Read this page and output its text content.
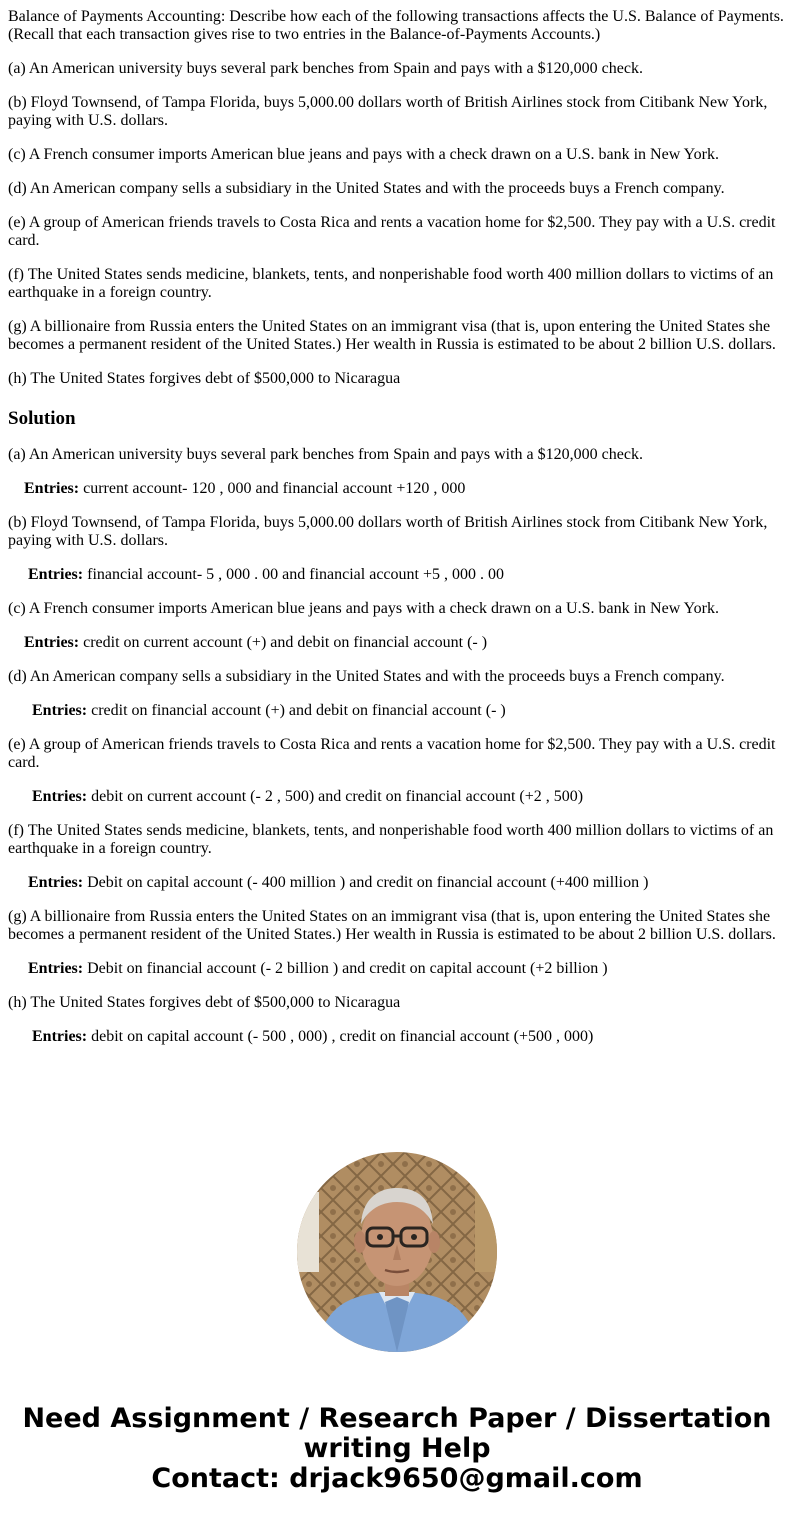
Balance of Payments Accounting: Describe how each of the following transactions affects the U.S. Balance of Payments. (Recall that each transaction gives rise to two entries in the Balance-of-Payments Accounts.)

(a) An American university buys several park benches from Spain and pays with a $120,000 check.

(b) Floyd Townsend, of Tampa Florida, buys 5,000.00 dollars worth of British Airlines stock from Citibank New York, paying with U.S. dollars.

(c) A French consumer imports American blue jeans and pays with a check drawn on a U.S. bank in New York.

(d) An American company sells a subsidiary in the United States and with the proceeds buys a French company.

(e) A group of American friends travels to Costa Rica and rents a vacation home for $2,500. They pay with a U.S. credit card.

(f) The United States sends medicine, blankets, tents, and nonperishable food worth 400 million dollars to victims of an earthquake in a foreign country.

(g) A billionaire from Russia enters the United States on an immigrant visa (that is, upon entering the United States she becomes a permanent resident of the United States.) Her wealth in Russia is estimated to be about 2 billion U.S. dollars.

(h) The United States forgives debt of $500,000 to Nicaragua

Solution

(a) An American university buys several park benches from Spain and pays with a $120,000 check.

Entries: current account- 120 , 000 and financial account +120 , 000

(b) Floyd Townsend, of Tampa Florida, buys 5,000.00 dollars worth of British Airlines stock from Citibank New York, paying with U.S. dollars.

Entries: financial account- 5 , 000 . 00 and financial account +5 , 000 . 00

(c) A French consumer imports American blue jeans and pays with a check drawn on a U.S. bank in New York.

Entries: credit on current account (+) and debit on financial account (- )

(d) An American company sells a subsidiary in the United States and with the proceeds buys a French company.

Entries: credit on financial account (+) and debit on financial account (- )

(e) A group of American friends travels to Costa Rica and rents a vacation home for $2,500. They pay with a U.S. credit card.

Entries: debit on current account (- 2 , 500) and credit on financial account (+2 , 500)

(f) The United States sends medicine, blankets, tents, and nonperishable food worth 400 million dollars to victims of an earthquake in a foreign country.

Entries: Debit on capital account (- 400 million ) and credit on financial account (+400 million )

(g) A billionaire from Russia enters the United States on an immigrant visa (that is, upon entering the United States she becomes a permanent resident of the United States.) Her wealth in Russia is estimated to be about 2 billion U.S. dollars.

Entries: Debit on financial account (- 2 billion ) and credit on capital account (+2 billion )

(h) The United States forgives debt of $500,000 to Nicaragua

Entries: debit on capital account (- 500 , 000) , credit on financial account (+500 , 000)

Need Assignment / Research Paper / Dissertation
writing Help
Contact: drjack9650@gmail.com
